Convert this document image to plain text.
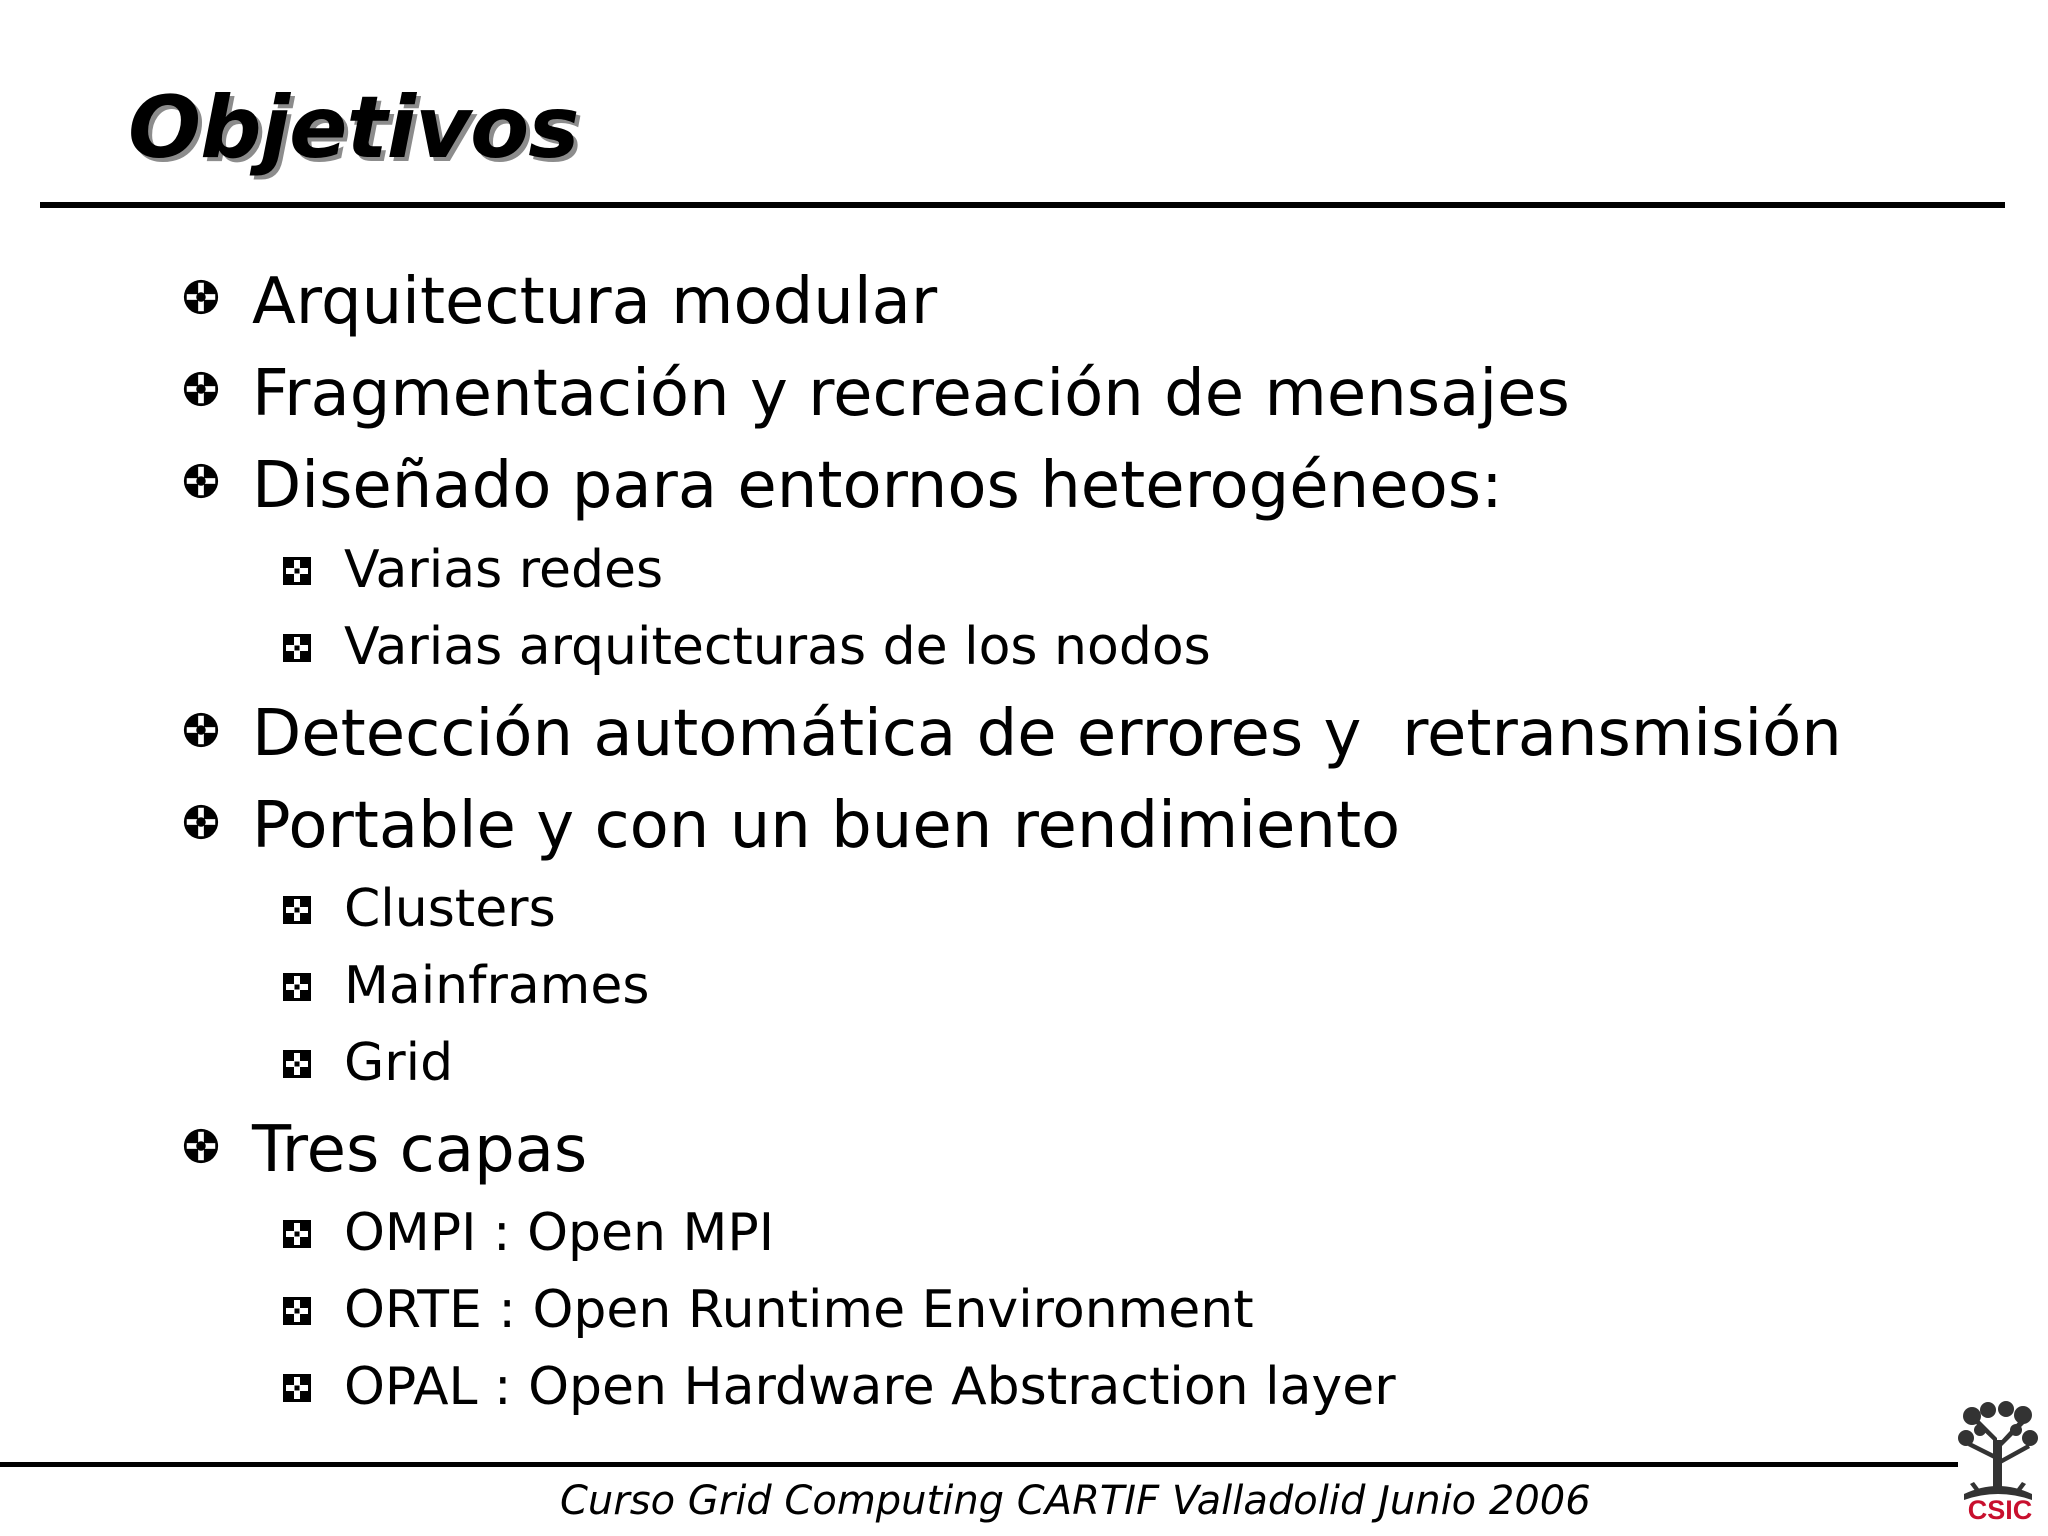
Objetivos
Arquitectura modular
Fragmentación y recreación de mensajes
Diseñado para entornos heterogéneos:
Varias redes
Varias arquitecturas de los nodos
Detección automática de errores y  retransmisión
Portable y con un buen rendimiento
Clusters
Mainframes
Grid
Tres capas
OMPI : Open MPI
ORTE : Open Runtime Environment
OPAL : Open Hardware Abstraction layer
Curso Grid Computing CARTIF Valladolid Junio 2006	CSIC
